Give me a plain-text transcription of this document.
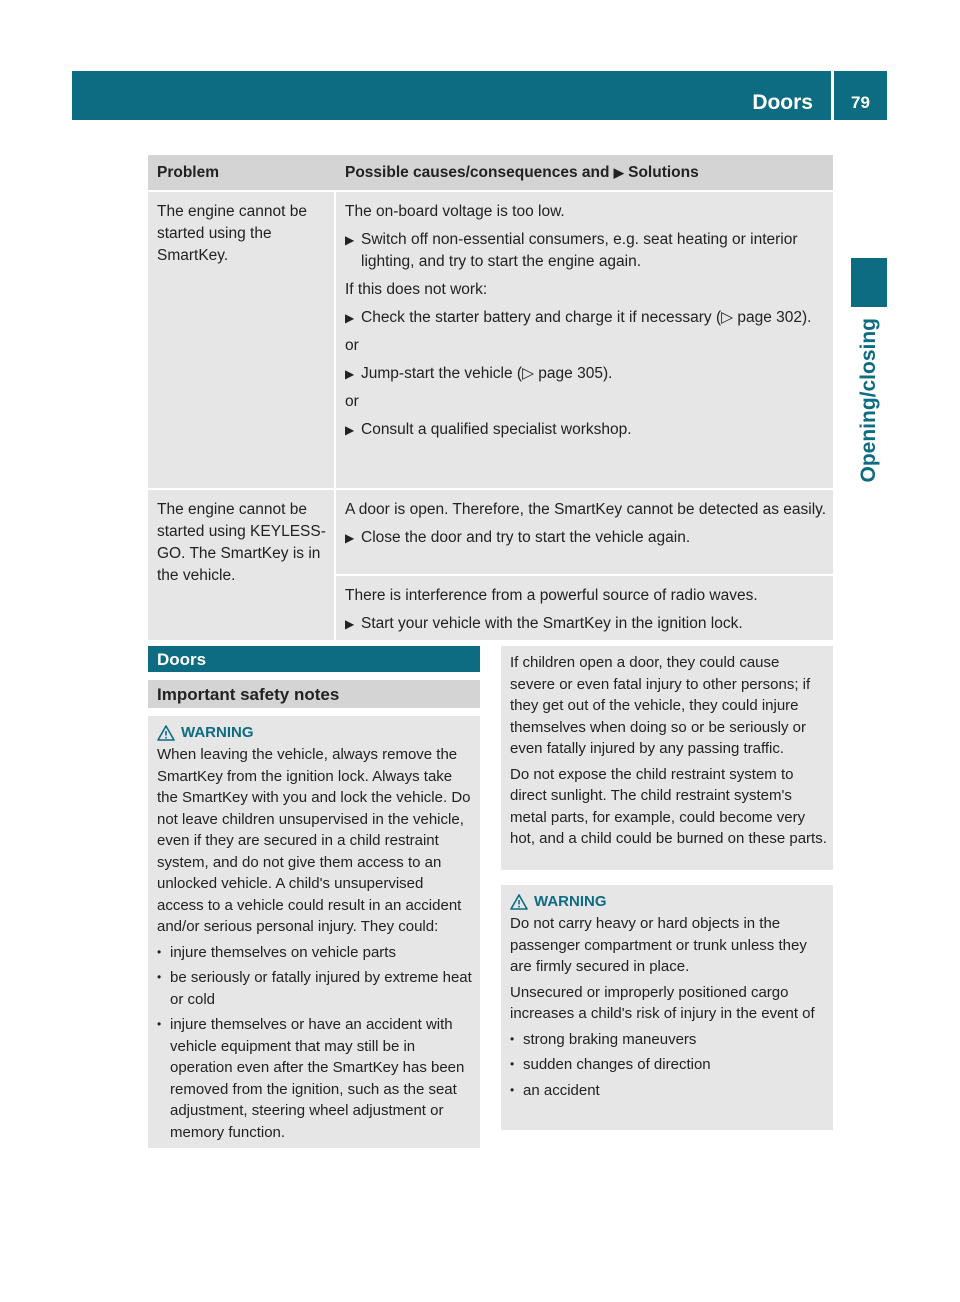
Doors	79
Opening/closing
Problem	Possible causes/consequences and ▶ Solutions
The engine cannot be started using the SmartKey.

The on-board voltage is too low.

▶ Switch off non-essential consumers, e.g. seat heating or interior lighting, and try to start the engine again.

If this does not work:

▶ Check the starter battery and charge it if necessary (▷ page 302).

or

▶ Jump-start the vehicle (▷ page 305).

or

▶ Consult a qualified specialist workshop.
The engine cannot be started using KEYLESS-GO. The SmartKey is in the vehicle.

A door is open. Therefore, the SmartKey cannot be detected as easily.

▶ Close the door and try to start the vehicle again.

There is interference from a powerful source of radio waves.

▶ Start your vehicle with the SmartKey in the ignition lock.
Doors
Important safety notes
WARNING

When leaving the vehicle, always remove the SmartKey from the ignition lock. Always take the SmartKey with you and lock the vehicle. Do not leave children unsupervised in the vehicle, even if they are secured in a child restraint system, and do not give them access to an unlocked vehicle. A child's unsupervised access to a vehicle could result in an accident and/or serious personal injury. They could:

• injure themselves on vehicle parts
• be seriously or fatally injured by extreme heat or cold
• injure themselves or have an accident with vehicle equipment that may still be in operation even after the SmartKey has been removed from the ignition, such as the seat adjustment, steering wheel adjustment or memory function.

If children open a door, they could cause severe or even fatal injury to other persons; if they get out of the vehicle, they could injure themselves when doing so or be seriously or even fatally injured by any passing traffic.

Do not expose the child restraint system to direct sunlight. The child restraint system's metal parts, for example, could become very hot, and a child could be burned on these parts.

WARNING

Do not carry heavy or hard objects in the passenger compartment or trunk unless they are firmly secured in place.

Unsecured or improperly positioned cargo increases a child's risk of injury in the event of

• strong braking maneuvers
• sudden changes of direction
• an accident
